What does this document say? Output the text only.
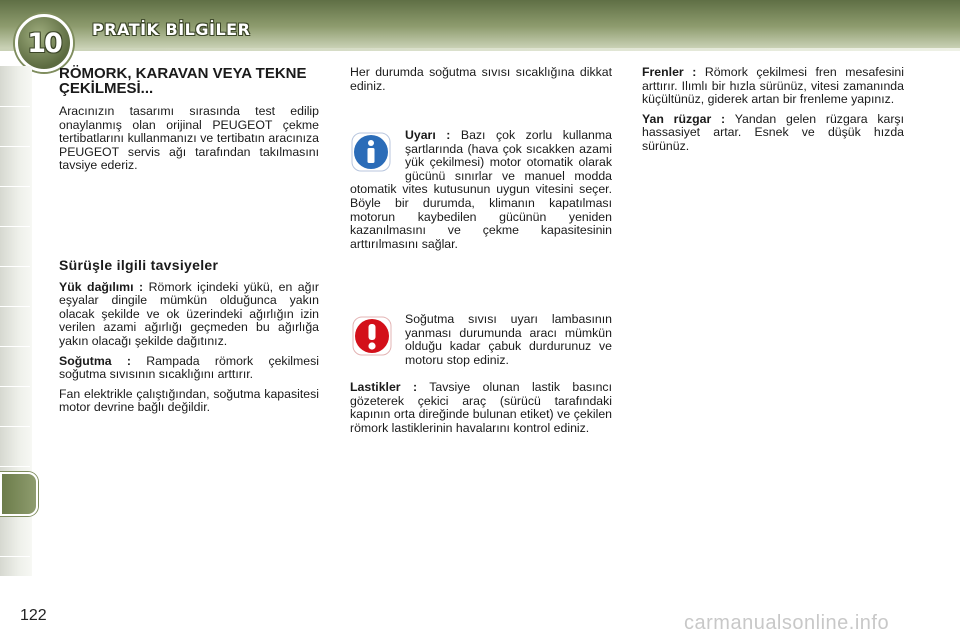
10 PRATİK BİLGİLER
RÖMORK, KARAVAN VEYA TEKNE ÇEKİLMESİ...

Aracınızın tasarımı sırasında test edilip onaylanmış olan orijinal PEUGEOT çekme tertibatlarını kullanmanızı ve tertibatın aracınıza PEUGEOT servis ağı tarafından takılmasını tavsiye ederiz.

Sürüşle ilgili tavsiyeler

Yük dağılımı : Römork içindeki yükü, en ağır eşyalar dingile mümkün olduğunca yakın olacak şekilde ve ok üzerindeki ağırlığın izin verilen azami ağırlığı geçmeden bu ağırlığa yakın olacağı şekilde dağıtınız.

Soğutma : Rampada römork çekilmesi soğutma sıvısının sıcaklığını arttırır.

Fan elektrikle çalıştığından, soğutma kapasitesi motor devrine bağlı değildir.

Her durumda soğutma sıvısı sıcaklığına dikkat ediniz.

Uyarı : Bazı çok zorlu kullanma şartlarında (hava çok sıcakken azami yük çekilmesi) motor otomatik olarak gücünü sınırlar ve manuel modda otomatik vites kutusunun uygun vitesini seçer. Böyle bir durumda, klimanın kapatılması motorun kaybedilen gücünün yeniden kazanılmasını ve çekme kapasitesinin arttırılmasını sağlar.
Soğutma sıvısı uyarı lambasının yanması durumunda aracı mümkün olduğu kadar çabuk durdurunuz ve motoru stop ediniz.
Lastikler : Tavsiye olunan lastik basıncı gözeterek çekici araç (sürücü tarafındaki kapının orta direğinde bulunan etiket) ve çekilen römork lastiklerinin havalarını kontrol ediniz.

Frenler : Römork çekilmesi fren mesafesini arttırır. Ilımlı bir hızla sürünüz, vitesi zamanında küçültünüz, giderek artan bir frenleme yapınız.

Yan rüzgar : Yandan gelen rüzgara karşı hassasiyet artar. Esnek ve düşük hızda sürünüz.

122	carmanualsonline.info
